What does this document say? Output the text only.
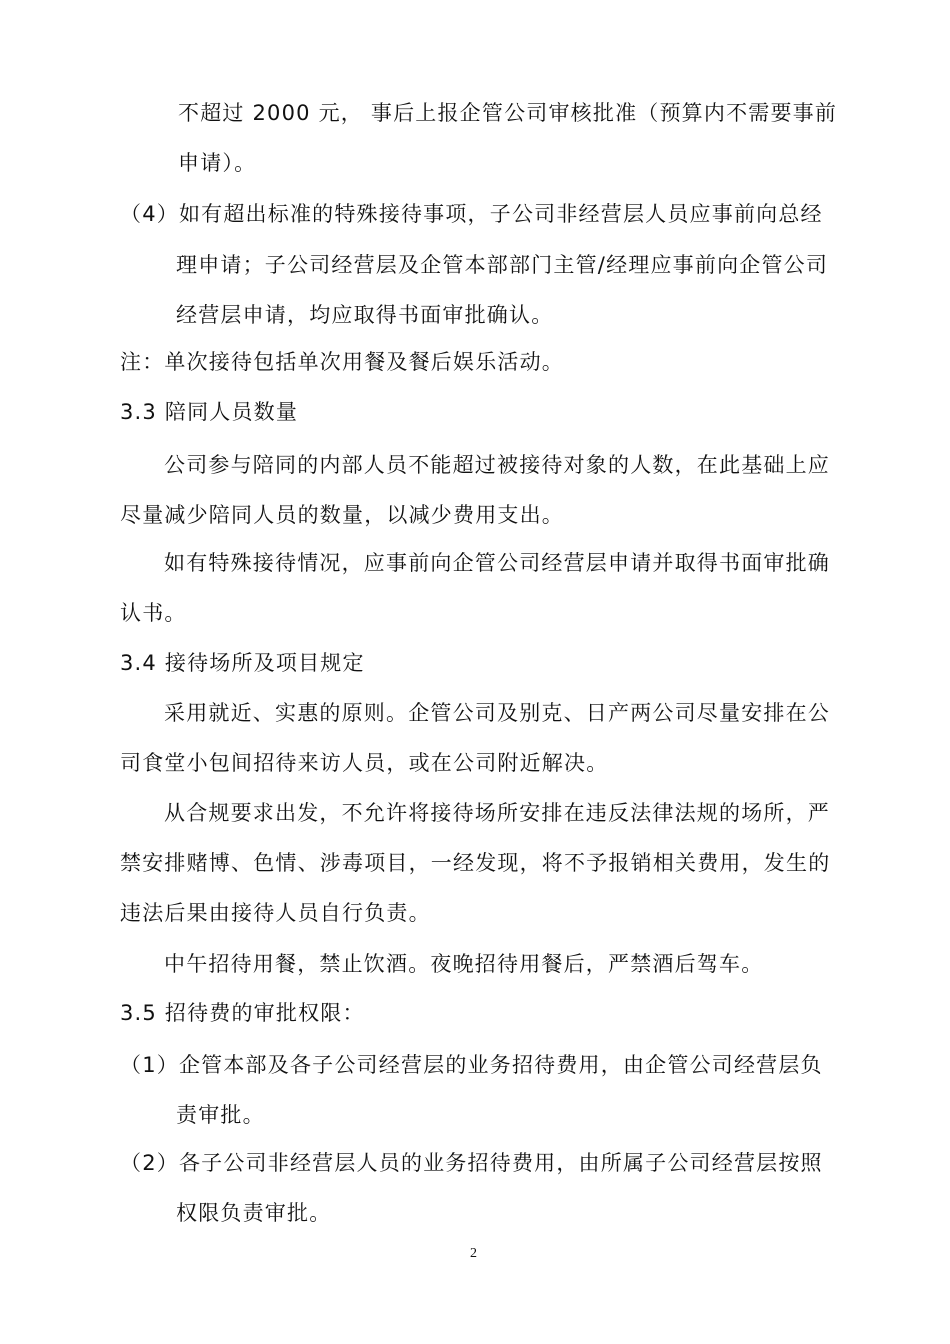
不超过 2000 元， 事后上报企管公司审核批准（预算内不需要事前
申请）。
（4）如有超出标准的特殊接待事项，子公司非经营层人员应事前向总经
理申请；子公司经营层及企管本部部门主管/经理应事前向企管公司
经营层申请，均应取得书面审批确认。
注：单次接待包括单次用餐及餐后娱乐活动。
3.3 陪同人员数量
公司参与陪同的内部人员不能超过被接待对象的人数，在此基础上应
尽量减少陪同人员的数量，以减少费用支出。
如有特殊接待情况，应事前向企管公司经营层申请并取得书面审批确
认书。
3.4 接待场所及项目规定
采用就近、实惠的原则。企管公司及别克、日产两公司尽量安排在公
司食堂小包间招待来访人员，或在公司附近解决。
从合规要求出发，不允许将接待场所安排在违反法律法规的场所，严
禁安排赌博、色情、涉毒项目，一经发现，将不予报销相关费用，发生的
违法后果由接待人员自行负责。
中午招待用餐，禁止饮酒。夜晚招待用餐后，严禁酒后驾车。
3.5 招待费的审批权限：
（1）企管本部及各子公司经营层的业务招待费用，由企管公司经营层负
责审批。
（2）各子公司非经营层人员的业务招待费用，由所属子公司经营层按照
权限负责审批。
2
